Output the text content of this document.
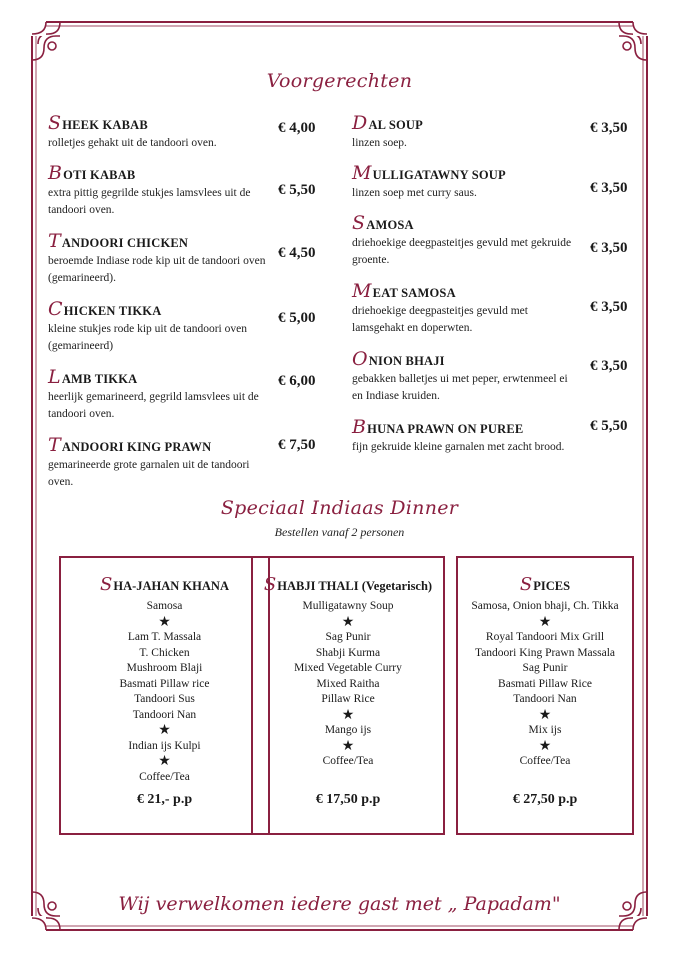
Voorgerechten
SHEEK KABAB
rolletjes gehakt uit de tandoori oven.
€ 4,00
BOTI KABAB
extra pittig gegrilde stukjes lamsvlees uit de tandoori oven.
€ 5,50
TANDOORI CHICKEN
beroemde Indiase rode kip uit de tandoori oven (gemarineerd).
€ 4,50
CHICKEN TIKKA
kleine stukjes rode kip uit de tandoori oven (gemarineerd)
€ 5,00
LAMB TIKKA
heerlijk gemarineerd, gegrild lamsvlees uit de tandoori oven.
€ 6,00
TANDOORI KING PRAWN
gemarineerde grote garnalen uit de tandoori oven.
€ 7,50
DAL SOUP
linzen soep.
€ 3,50
MULLIGATAWNY SOUP
linzen soep met curry saus.	€ 3,50
SAMOSA
driehoekige deegpasteitjes gevuld met gekruide groente.
€ 3,50
MEAT SAMOSA
driehoekige deegpasteitjes gevuld met lamsgehakt en doperwten.
€ 3,50
ONION BHAJI
gebakken balletjes ui met peper, erwtenmeel ei en Indiase kruiden.
€ 3,50
BHUNA PRAWN ON PUREE
fijn gekruide kleine garnalen met zacht brood.
€ 5,50
Speciaal Indiaas Dinner
Bestellen vanaf 2 personen
SHA-JAHAN KHANA
Samosa
★
Lam T. Massala
T. Chicken
Mushroom Blaji
Basmati Pillaw rice
Tandoori Sus
Tandoori Nan
★
Indian ijs Kulpi
★
Coffee/Tea
€ 21,- p.p
SHABJI THALI (Vegetarisch)
Mulligatawny Soup
★
Sag Punir
Shabji Kurma
Mixed Vegetable Curry
Mixed Raitha
Pillaw Rice
★
Mango ijs
★
Coffee/Tea
€ 17,50 p.p
SPICES
Samosa, Onion bhaji, Ch. Tikka
★
Royal Tandoori Mix Grill
Tandoori King Prawn Massala
Sag Punir
Basmati Pillaw Rice
Tandoori Nan
★
Mix ijs
★
Coffee/Tea
€ 27,50 p.p
Wij verwelkomen iedere gast met „ Papadam"
